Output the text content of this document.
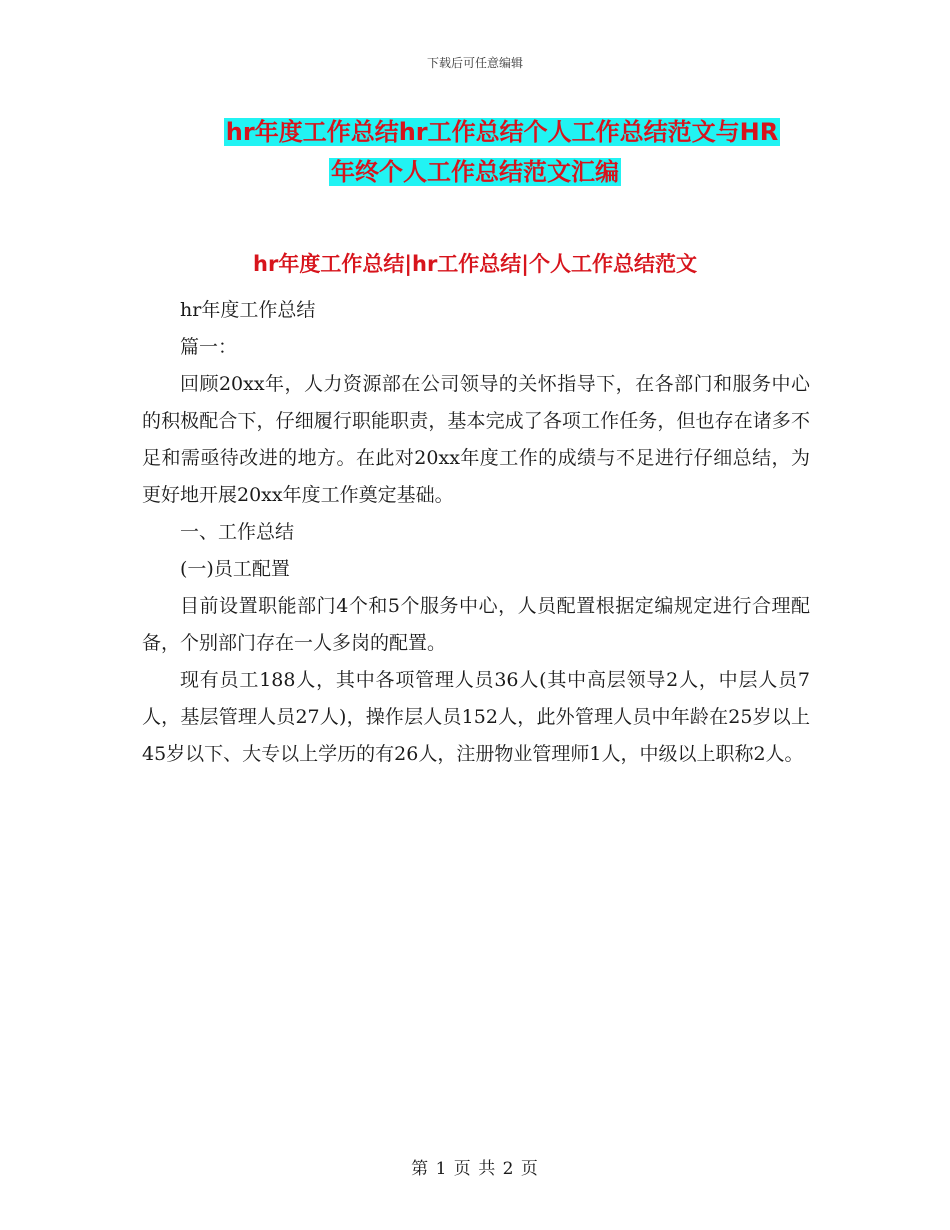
下载后可任意编辑
hr年度工作总结hr工作总结个人工作总结范文与HR
年终个人工作总结范文汇编
hr年度工作总结|hr工作总结|个人工作总结范文

hr年度工作总结

篇一：

回顾20xx年，人力资源部在公司领导的关怀指导下，在各部门和服务中心的积极配合下，仔细履行职能职责，基本完成了各项工作任务，但也存在诸多不足和需亟待改进的地方。在此对20xx年度工作的成绩与不足进行仔细总结，为更好地开展20xx年度工作奠定基础。

一、工作总结

(一)员工配置

目前设置职能部门4个和5个服务中心，人员配置根据定编规定进行合理配备，个别部门存在一人多岗的配置。

现有员工188人，其中各项管理人员36人(其中高层领导2人，中层人员7人，基层管理人员27人)，操作层人员152人，此外管理人员中年龄在25岁以上45岁以下、大专以上学历的有26人，注册物业管理师1人，中级以上职称2人。

第 1 页 共 2 页
